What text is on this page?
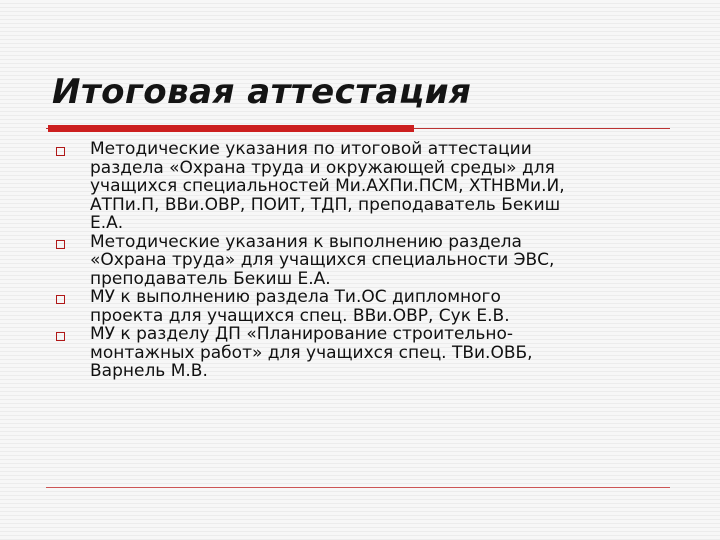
Итоговая аттестация
Методические указания по итоговой аттестации
раздела «Охрана труда и окружающей среды» для
учащихся специальностей Ми.АХПи.ПСМ, ХТНВМи.И,
АТПи.П, ВВи.ОВР, ПОИТ, ТДП, преподаватель Бекиш
Е.А.
Методические указания к выполнению раздела
«Охрана труда» для учащихся специальности ЭВС,
преподаватель Бекиш Е.А.
МУ к выполнению раздела Ти.ОС дипломного
проекта для учащихся спец. ВВи.ОВР, Сук Е.В.
МУ к разделу ДП «Планирование строительно-
монтажных работ» для учащихся спец. ТВи.ОВБ,
Варнель М.В.
